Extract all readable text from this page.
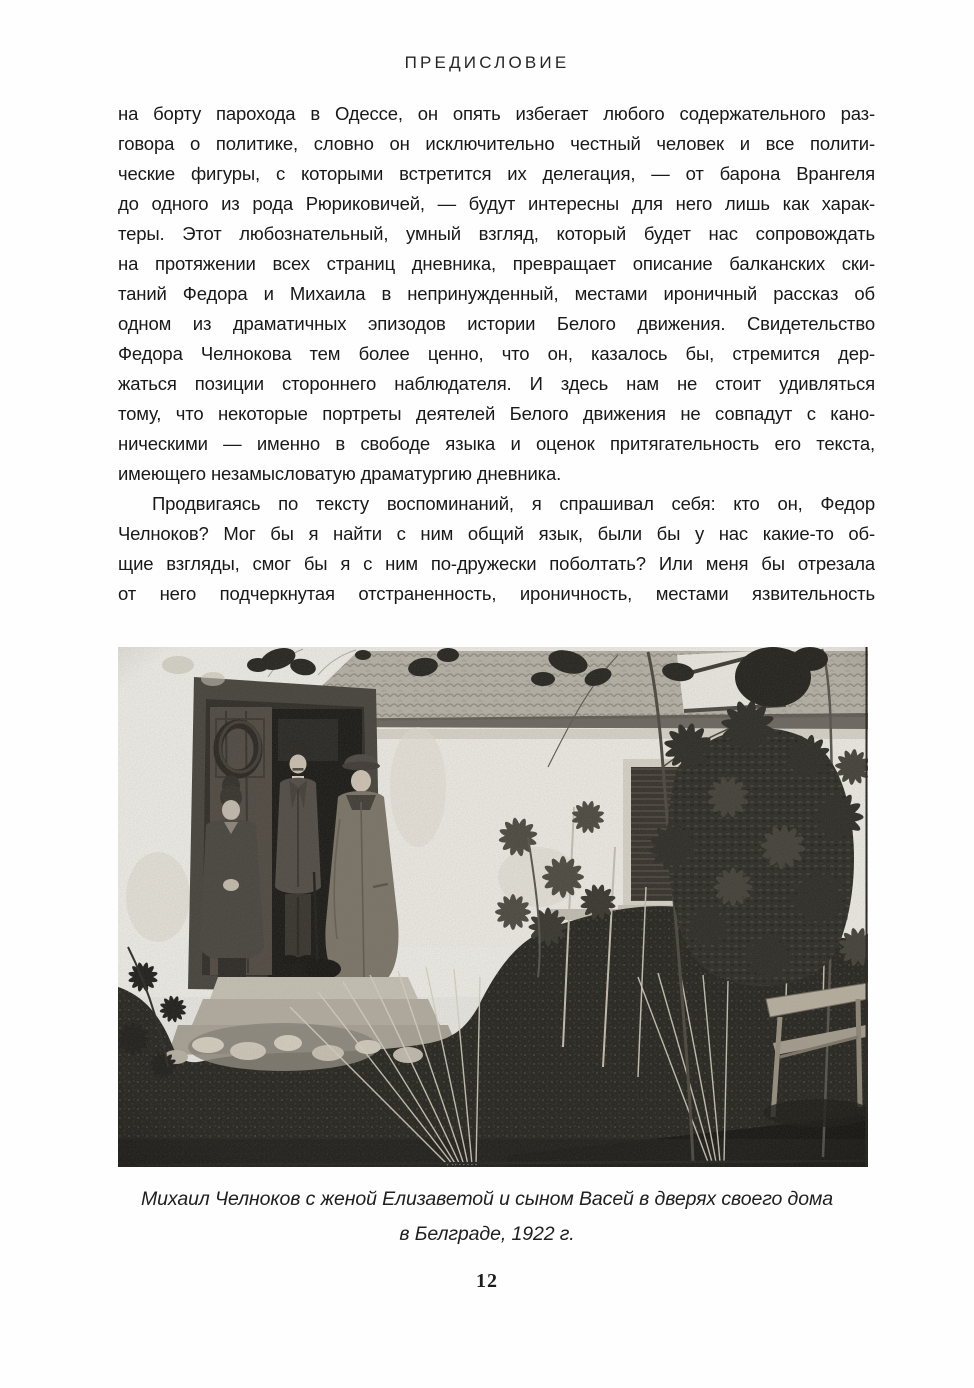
ПРЕДИСЛОВИЕ
на борту парохода в Одессе, он опять избегает любого содержательного раз-
говора о политике, словно он исключительно честный человек и все полити-
ческие фигуры, с которыми встретится их делегация, — от барона Врангеля
до одного из рода Рюриковичей, — будут интересны для него лишь как харак-
теры. Этот любознательный, умный взгляд, который будет нас сопровождать
на протяжении всех страниц дневника, превращает описание балканских ски-
таний Федора и Михаила в непринужденный, местами ироничный рассказ об
одном из драматичных эпизодов истории Белого движения. Свидетельство
Федора Челнокова тем более ценно, что он, казалось бы, стремится дер-
жаться позиции стороннего наблюдателя. И здесь нам не стоит удивляться
тому, что некоторые портреты деятелей Белого движения не совпадут с кано-
ническими — именно в свободе языка и оценок притягательность его текста,
имеющего незамысловатую драматургию дневника.
Продвигаясь по тексту воспоминаний, я спрашивал себя: кто он, Федор
Челноков? Мог бы я найти с ним общий язык, были бы у нас какие-то об-
щие взгляды, смог бы я с ним по-дружески поболтать? Или меня бы отрезала
от него подчеркнутая отстраненность, ироничность, местами язвительность
Михаил Челноков с женой Елизаветой и сыном Васей в дверях своего дома
в Белграде, 1922 г.
12
